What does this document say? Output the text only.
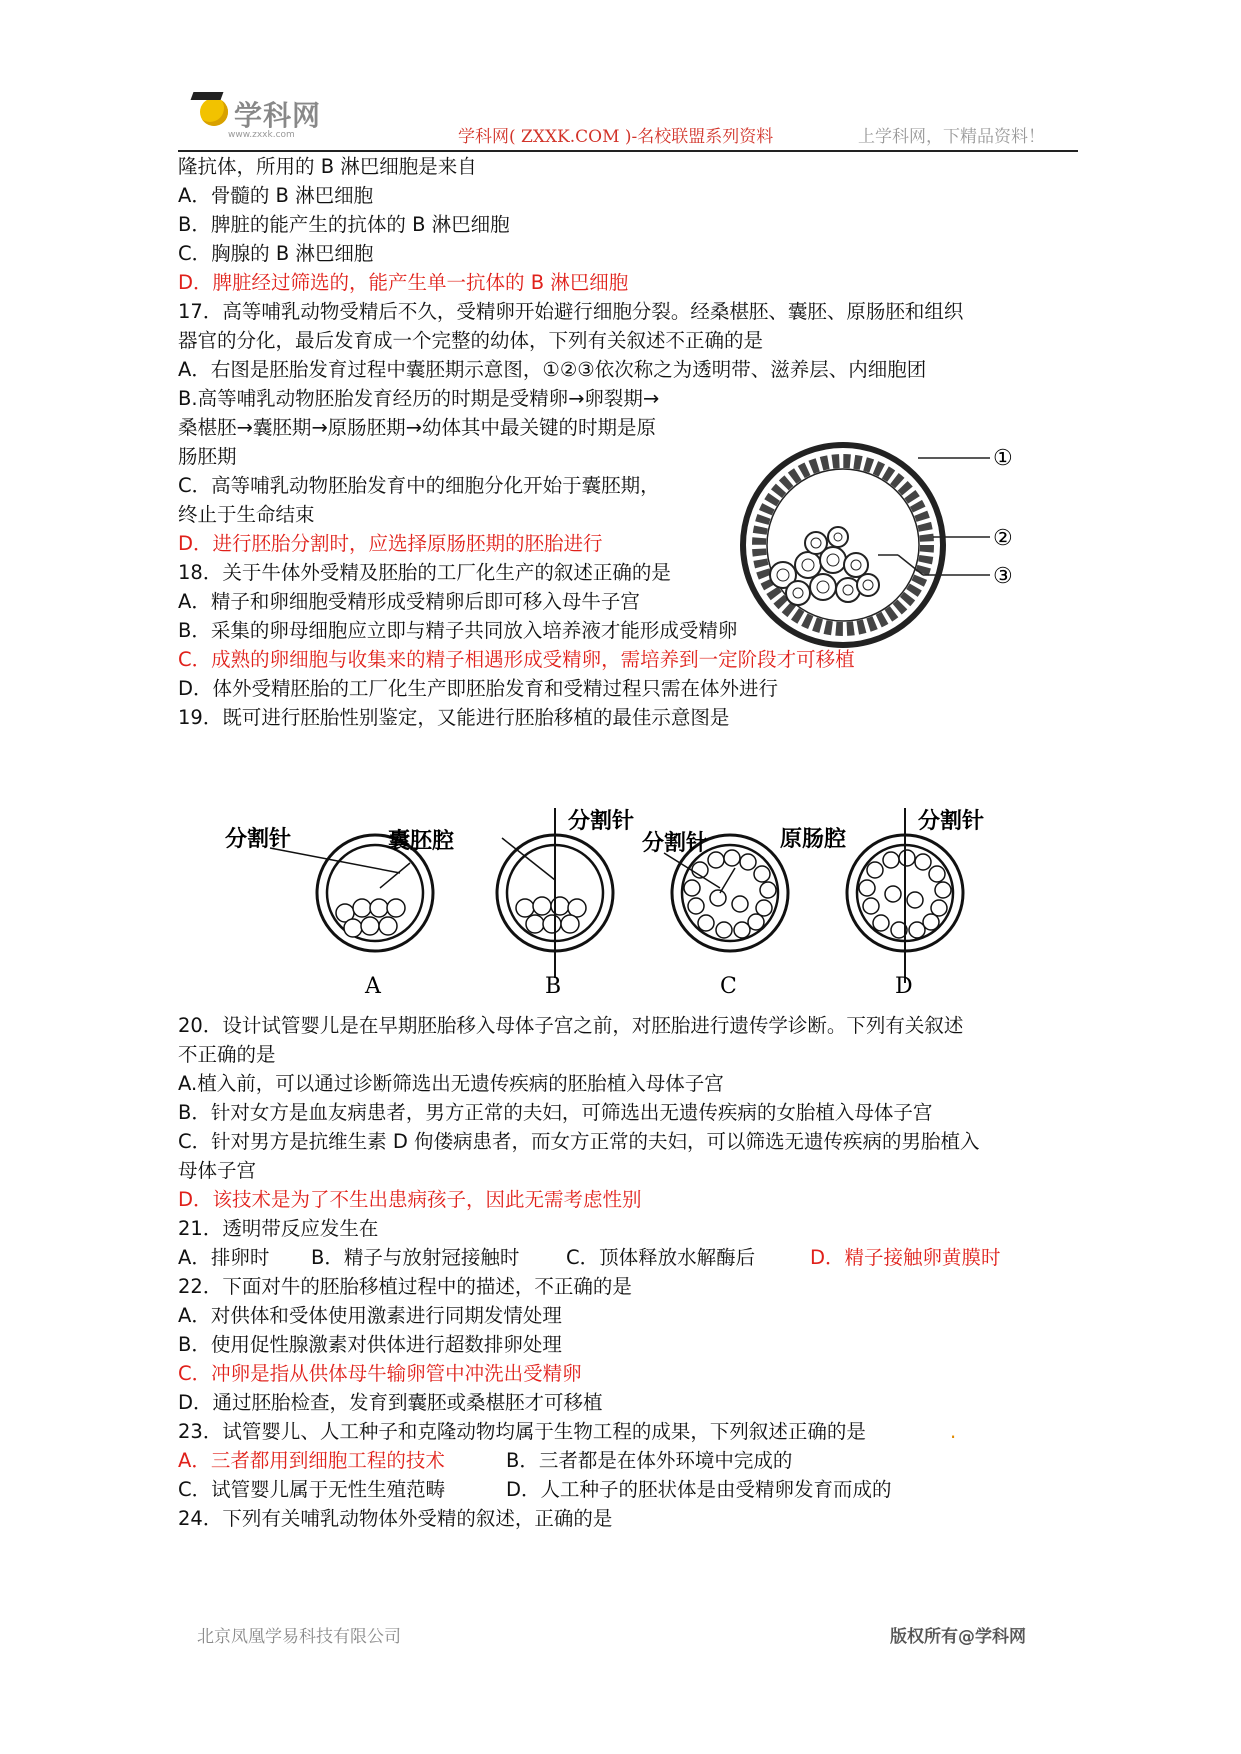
学科网
www.zxxk.com	学科网( ZXXK.COM )-名校联盟系列资料	上学科网，下精品资料！
隆抗体，所用的 B 淋巴细胞是来自
A．骨髓的 B 淋巴细胞
B．脾脏的能产生的抗体的 B 淋巴细胞
C．胸腺的 B 淋巴细胞
D．脾脏经过筛选的，能产生单一抗体的 B 淋巴细胞
17．高等哺乳动物受精后不久，受精卵开始避行细胞分裂。经桑椹胚、囊胚、原肠胚和组织
器官的分化，最后发育成一个完整的幼体，下列有关叙述不正确的是
A．右图是胚胎发育过程中囊胚期示意图，①②③依次称之为透明带、滋养层、内细胞团
B.高等哺乳动物胚胎发育经历的时期是受精卵→卵裂期→
桑椹胚→囊胚期→原肠胚期→幼体其中最关键的时期是原
肠胚期
C．高等哺乳动物胚胎发育中的细胞分化开始于囊胚期，
终止于生命结束
D．进行胚胎分割时，应选择原肠胚期的胚胎进行
18．关于牛体外受精及胚胎的工厂化生产的叙述正确的是
A．精子和卵细胞受精形成受精卵后即可移入母牛子宫
B．采集的卵母细胞应立即与精子共同放入培养液才能形成受精卵
C．成熟的卵细胞与收集来的精子相遇形成受精卵，需培养到一定阶段才可移植
D．体外受精胚胎的工厂化生产即胚胎发育和受精过程只需在体外进行
19．既可进行胚胎性别鉴定，又能进行胚胎移植的最佳示意图是
20．设计试管婴儿是在早期胚胎移入母体子宫之前，对胚胎进行遗传学诊断。下列有关叙述
不正确的是
A.植入前，可以通过诊断筛选出无遗传疾病的胚胎植入母体子宫
B．针对女方是血友病患者，男方正常的夫妇，可筛选出无遗传疾病的女胎植入母体子宫
C．针对男方是抗维生素 D 佝偻病患者，而女方正常的夫妇，可以筛选无遗传疾病的男胎植入
母体子宫
D．该技术是为了不生出患病孩子，因此无需考虑性别
21．透明带反应发生在
A．排卵时 B．精子与放射冠接触时 C．顶体释放水解酶后	D．精子接触卵黄膜时
22．下面对牛的胚胎移植过程中的描述，不正确的是
A．对供体和受体使用激素进行同期发情处理
B．使用促性腺激素对供体进行超数排卵处理
C．冲卵是指从供体母牛输卵管中冲洗出受精卵
D．通过胚胎检查，发育到囊胚或桑椹胚才可移植
23．试管婴儿、人工种子和克隆动物均属于生物工程的成果，下列叙述正确的是	.
A．三者都用到细胞工程的技术	B．三者都是在体外环境中完成的
C．试管婴儿属于无性生殖范畴	D．人工种子的胚状体是由受精卵发育而成的
24．下列有关哺乳动物体外受精的叙述，正确的是
①
②
③
分割针	囊胚腔
A
分割针
B
分割针	原肠腔
C
分割针
D
北京凤凰学易科技有限公司	版权所有@学科网
